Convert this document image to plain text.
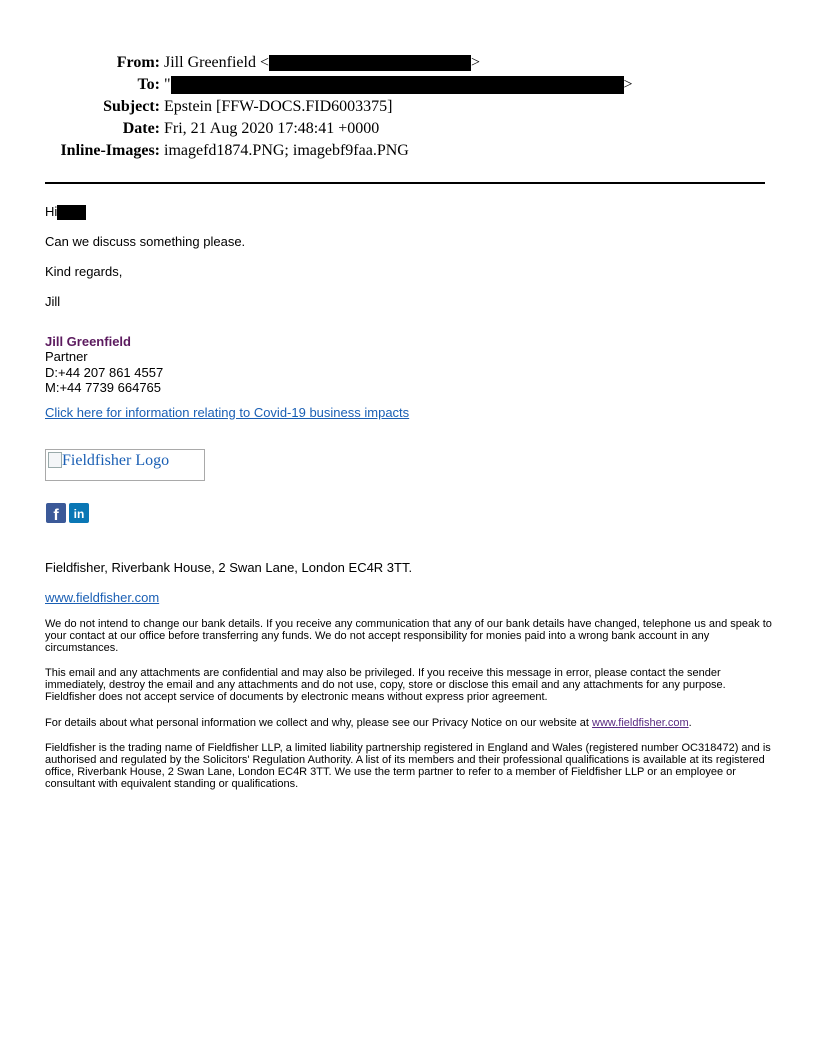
From: Jill Greenfield <	>
To: "	>
Subject: Epstein [FFW-DOCS.FID6003375]
Date: Fri, 21 Aug 2020 17:48:41 +0000
Inline-Images: imagefd1874.PNG; imagebf9faa.PNG
Hi
Can we discuss something please.
Kind regards,
Jill
Jill Greenfield
Partner
D:+44 207 861 4557
M:+44 7739 664765
Click here for information relating to Covid-19 business impacts
Fieldfisher Logo
f in
Fieldfisher, Riverbank House, 2 Swan Lane, London EC4R 3TT.
www.fieldfisher.com
We do not intend to change our bank details. If you receive any communication that any of our bank details have changed, telephone us and speak to your contact at our office before transferring any funds. We do not accept responsibility for monies paid into a wrong bank account in any circumstances.
This email and any attachments are confidential and may also be privileged. If you receive this message in error, please contact the sender immediately, destroy the email and any attachments and do not use, copy, store or disclose this email and any attachments for any purpose. Fieldfisher does not accept service of documents by electronic means without express prior agreement.
For details about what personal information we collect and why, please see our Privacy Notice on our website at www.fieldfisher.com.
Fieldfisher is the trading name of Fieldfisher LLP, a limited liability partnership registered in England and Wales (registered number OC318472) and is authorised and regulated by the Solicitors' Regulation Authority. A list of its members and their professional qualifications is available at its registered office, Riverbank House, 2 Swan Lane, London EC4R 3TT. We use the term partner to refer to a member of Fieldfisher LLP or an employee or consultant with equivalent standing or qualifications.
